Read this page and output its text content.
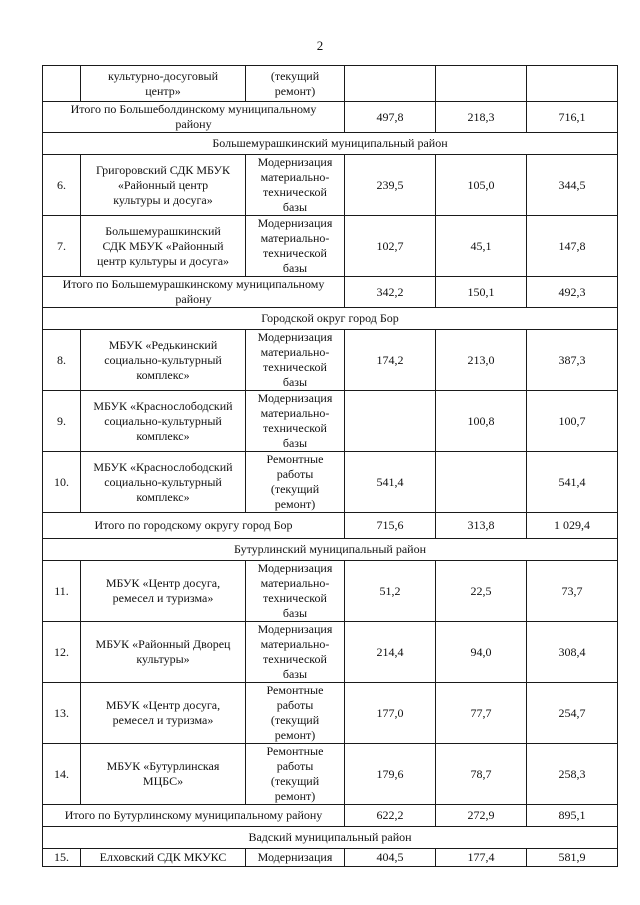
2
	культурно-досуговый
центр»	(текущий
ремонт)			
Итого по Большеболдинскому муниципальному
району			497,8	218,3	716,1
Большемурашкинский муниципальный район					
6.	Григоровский СДК МБУК
«Районный центр
культуры и досуга»	Модернизация
материально-
технической
базы	239,5	105,0	344,5
7.	Большемурашкинский
СДК МБУК «Районный
центр культуры и досуга»	Модернизация
материально-
технической
базы	102,7	45,1	147,8
Итого по Большемурашкинскому муниципальному
району			342,2	150,1	492,3
Городской округ город Бор					
8.	МБУК «Редькинский
социально-культурный
комплекс»	Модернизация
материально-
технической
базы	174,2	213,0	387,3
9.	МБУК «Краснослободский
социально-культурный
комплекс»	Модернизация
материально-
технической
базы		100,8	100,7
10.	МБУК «Краснослободский
социально-культурный
комплекс»	Ремонтные
работы
(текущий
ремонт)	541,4		541,4
Итого по городскому округу город Бор			715,6	313,8	1 029,4
Бутурлинский муниципальный район					
11.	МБУК «Центр досуга,
ремесел и туризма»	Модернизация
материально-
технической
базы	51,2	22,5	73,7
12.	МБУК «Районный Дворец
культуры»	Модернизация
материально-
технической
базы	214,4	94,0	308,4
13.	МБУК «Центр досуга,
ремесел и туризма»	Ремонтные
работы
(текущий
ремонт)	177,0	77,7	254,7
14.	МБУК «Бутурлинская
МЦБС»	Ремонтные
работы
(текущий
ремонт)	179,6	78,7	258,3
Итого по Бутурлинскому муниципальному району			622,2	272,9	895,1
Вадский муниципальный район					
15.	Елховский СДК МКУКС	Модернизация	404,5	177,4	581,9
